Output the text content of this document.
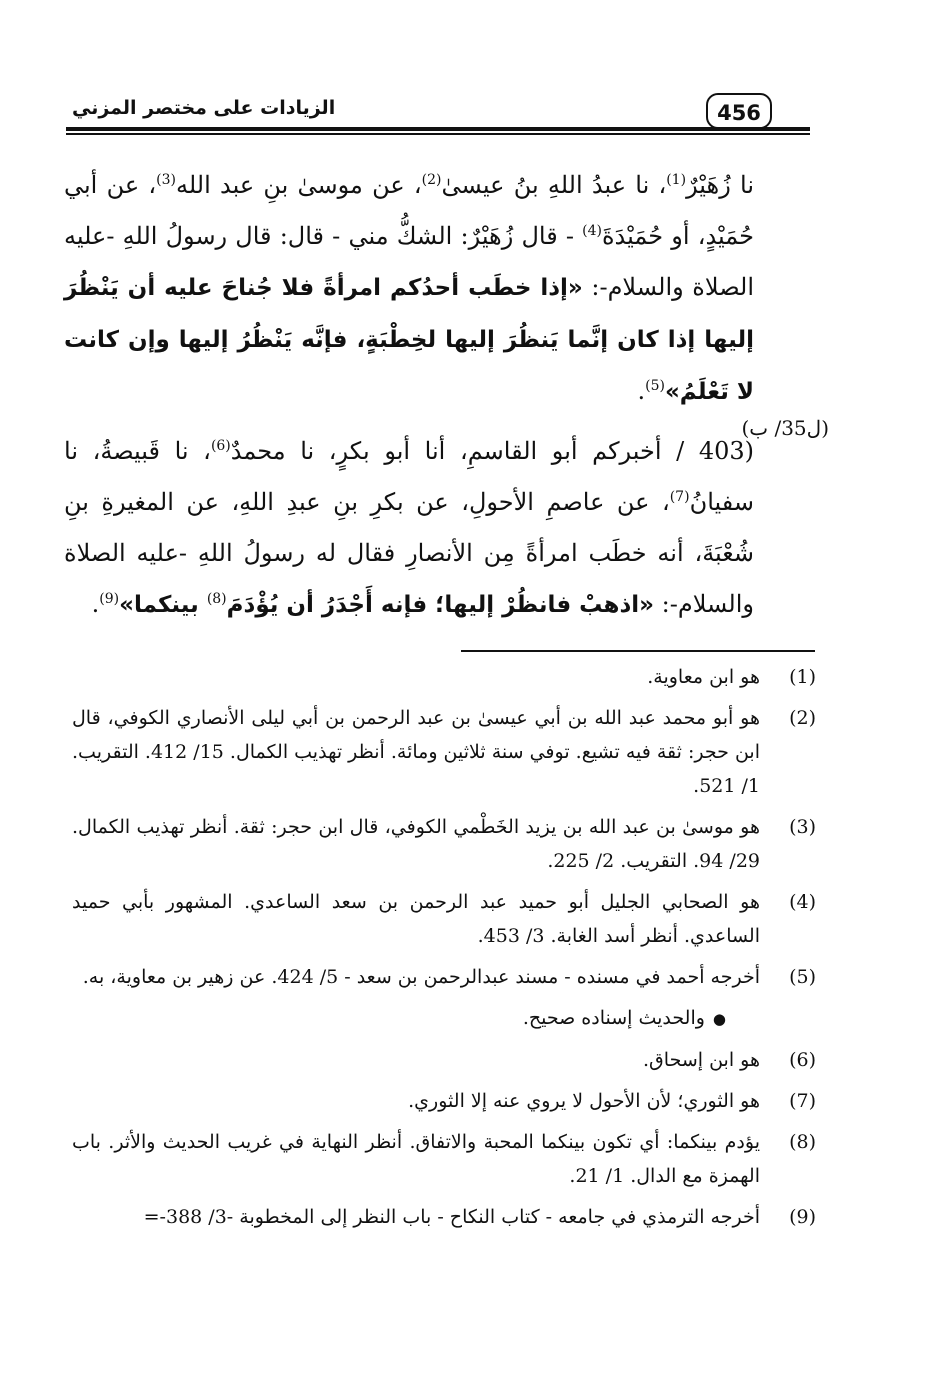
الزيادات على مختصر المزني	456
(ل35/ ب)

نا زُهَيْرٌ$^{(1)}$، نا عبدُ اللهِ بنُ عيسىٰ$^{(2)}$، عن موسىٰ بنِ عبد الله$^{(3)}$، عن أبي حُمَيْدٍ، أو حُمَيْدَةَ$^{(4)}$ - قال زُهَيْرٌ: الشكُّ مني - قال: قال رسولُ اللهِ -عليه الصلاة والسلام-: «إذا خطَب أحدُكم امرأةً فلا جُناحَ عليه أن يَنْظُرَ إليها إذا كان إنَّما يَنظُرَ إليها لخِطْبَةٍ، فإنَّه يَنْظُرُ إليها وإن كانت لا تَعْلَمُ»$^{(5)}$.

403) / أخبركم أبو القاسمِ، أنا أبو بكرٍ، نا محمدٌ$^{(6)}$، نا قَبيصةُ، نا سفيانُ$^{(7)}$، عن عاصمِ الأحولِ، عن بكرِ بنِ عبدِ اللهِ، عن المغيرةِ بنِ شُعْبَةَ، أنه خطَب امرأةً مِن الأنصارِ فقال له رسولُ اللهِ -عليه الصلاة والسلام-: «اذهبْ فانظُرْ إليها؛ فإنه أَجْدَرُ أن يُؤْدَمَ$^{(8)}$ بينكما»$^{(9)}$.

(1)
هو ابن معاوية.
(2)
هو أبو محمد عبد الله بن أبي عيسىٰ بن عبد الرحمن بن أبي ليلى الأنصاري الكوفي، قال ابن حجر: ثقة فيه تشيع. توفي سنة ثلاثين ومائة. أنظر تهذيب الكمال. 15/ 412. التقريب. 1/ 521.
(3)
هو موسىٰ بن عبد الله بن يزيد الخَطْمي الكوفي، قال ابن حجر: ثقة. أنظر تهذيب الكمال. 29/ 94. التقريب. 2/ 225.
(4)
هو الصحابي الجليل أبو حميد عبد الرحمن بن سعد الساعدي. المشهور بأبي حميد الساعدي. أنظر أسد الغابة. 3/ 453.
(5)
أخرجه أحمد في مسنده - مسند عبدالرحمن بن سعد - 5/ 424. عن زهير بن معاوية، به.
●والحديث إسناده صحيح.
(6)
هو ابن إسحاق.
(7)
هو الثوري؛ لأن الأحول لا يروي عنه إلا الثوري.
(8)
يؤدم بينكما: أي تكون بينكما المحبة والاتفاق. أنظر النهاية في غريب الحديث والأثر. باب الهمزة مع الدال. 1/ 21.
(9)
أخرجه الترمذي في جامعه - كتاب النكاح - باب النظر إلى المخطوبة -3/ 388-=
